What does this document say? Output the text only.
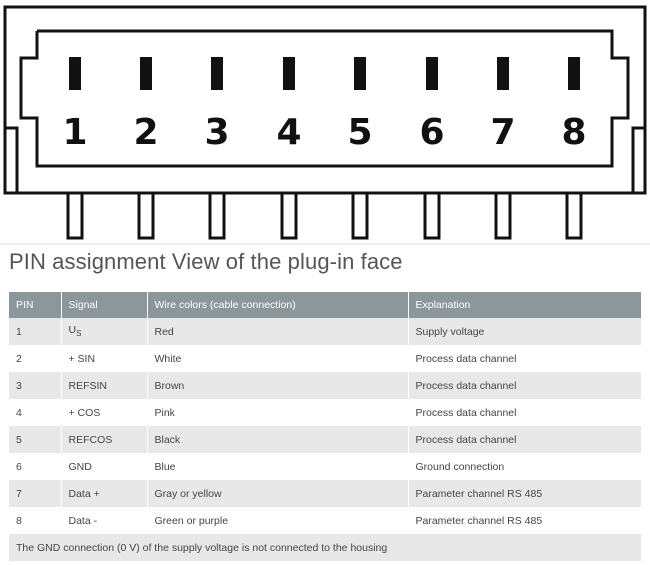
1 2 3 4 5 6 7 8
PIN assignment View of the plug-in face
PIN	Signal	Wire colors (cable connection)	Explanation
1	$U_S$	Red	Supply voltage
2	+ SIN	White	Process data channel
3	REFSIN	Brown	Process data channel
4	+ COS	Pink	Process data channel
5	REFCOS	Black	Process data channel
6	GND	Blue	Ground connection
7	Data +	Gray or yellow	Parameter channel RS 485
8	Data -	Green or purple	Parameter channel RS 485
The GND connection (0 V) of the supply voltage is not connected to the housing			
